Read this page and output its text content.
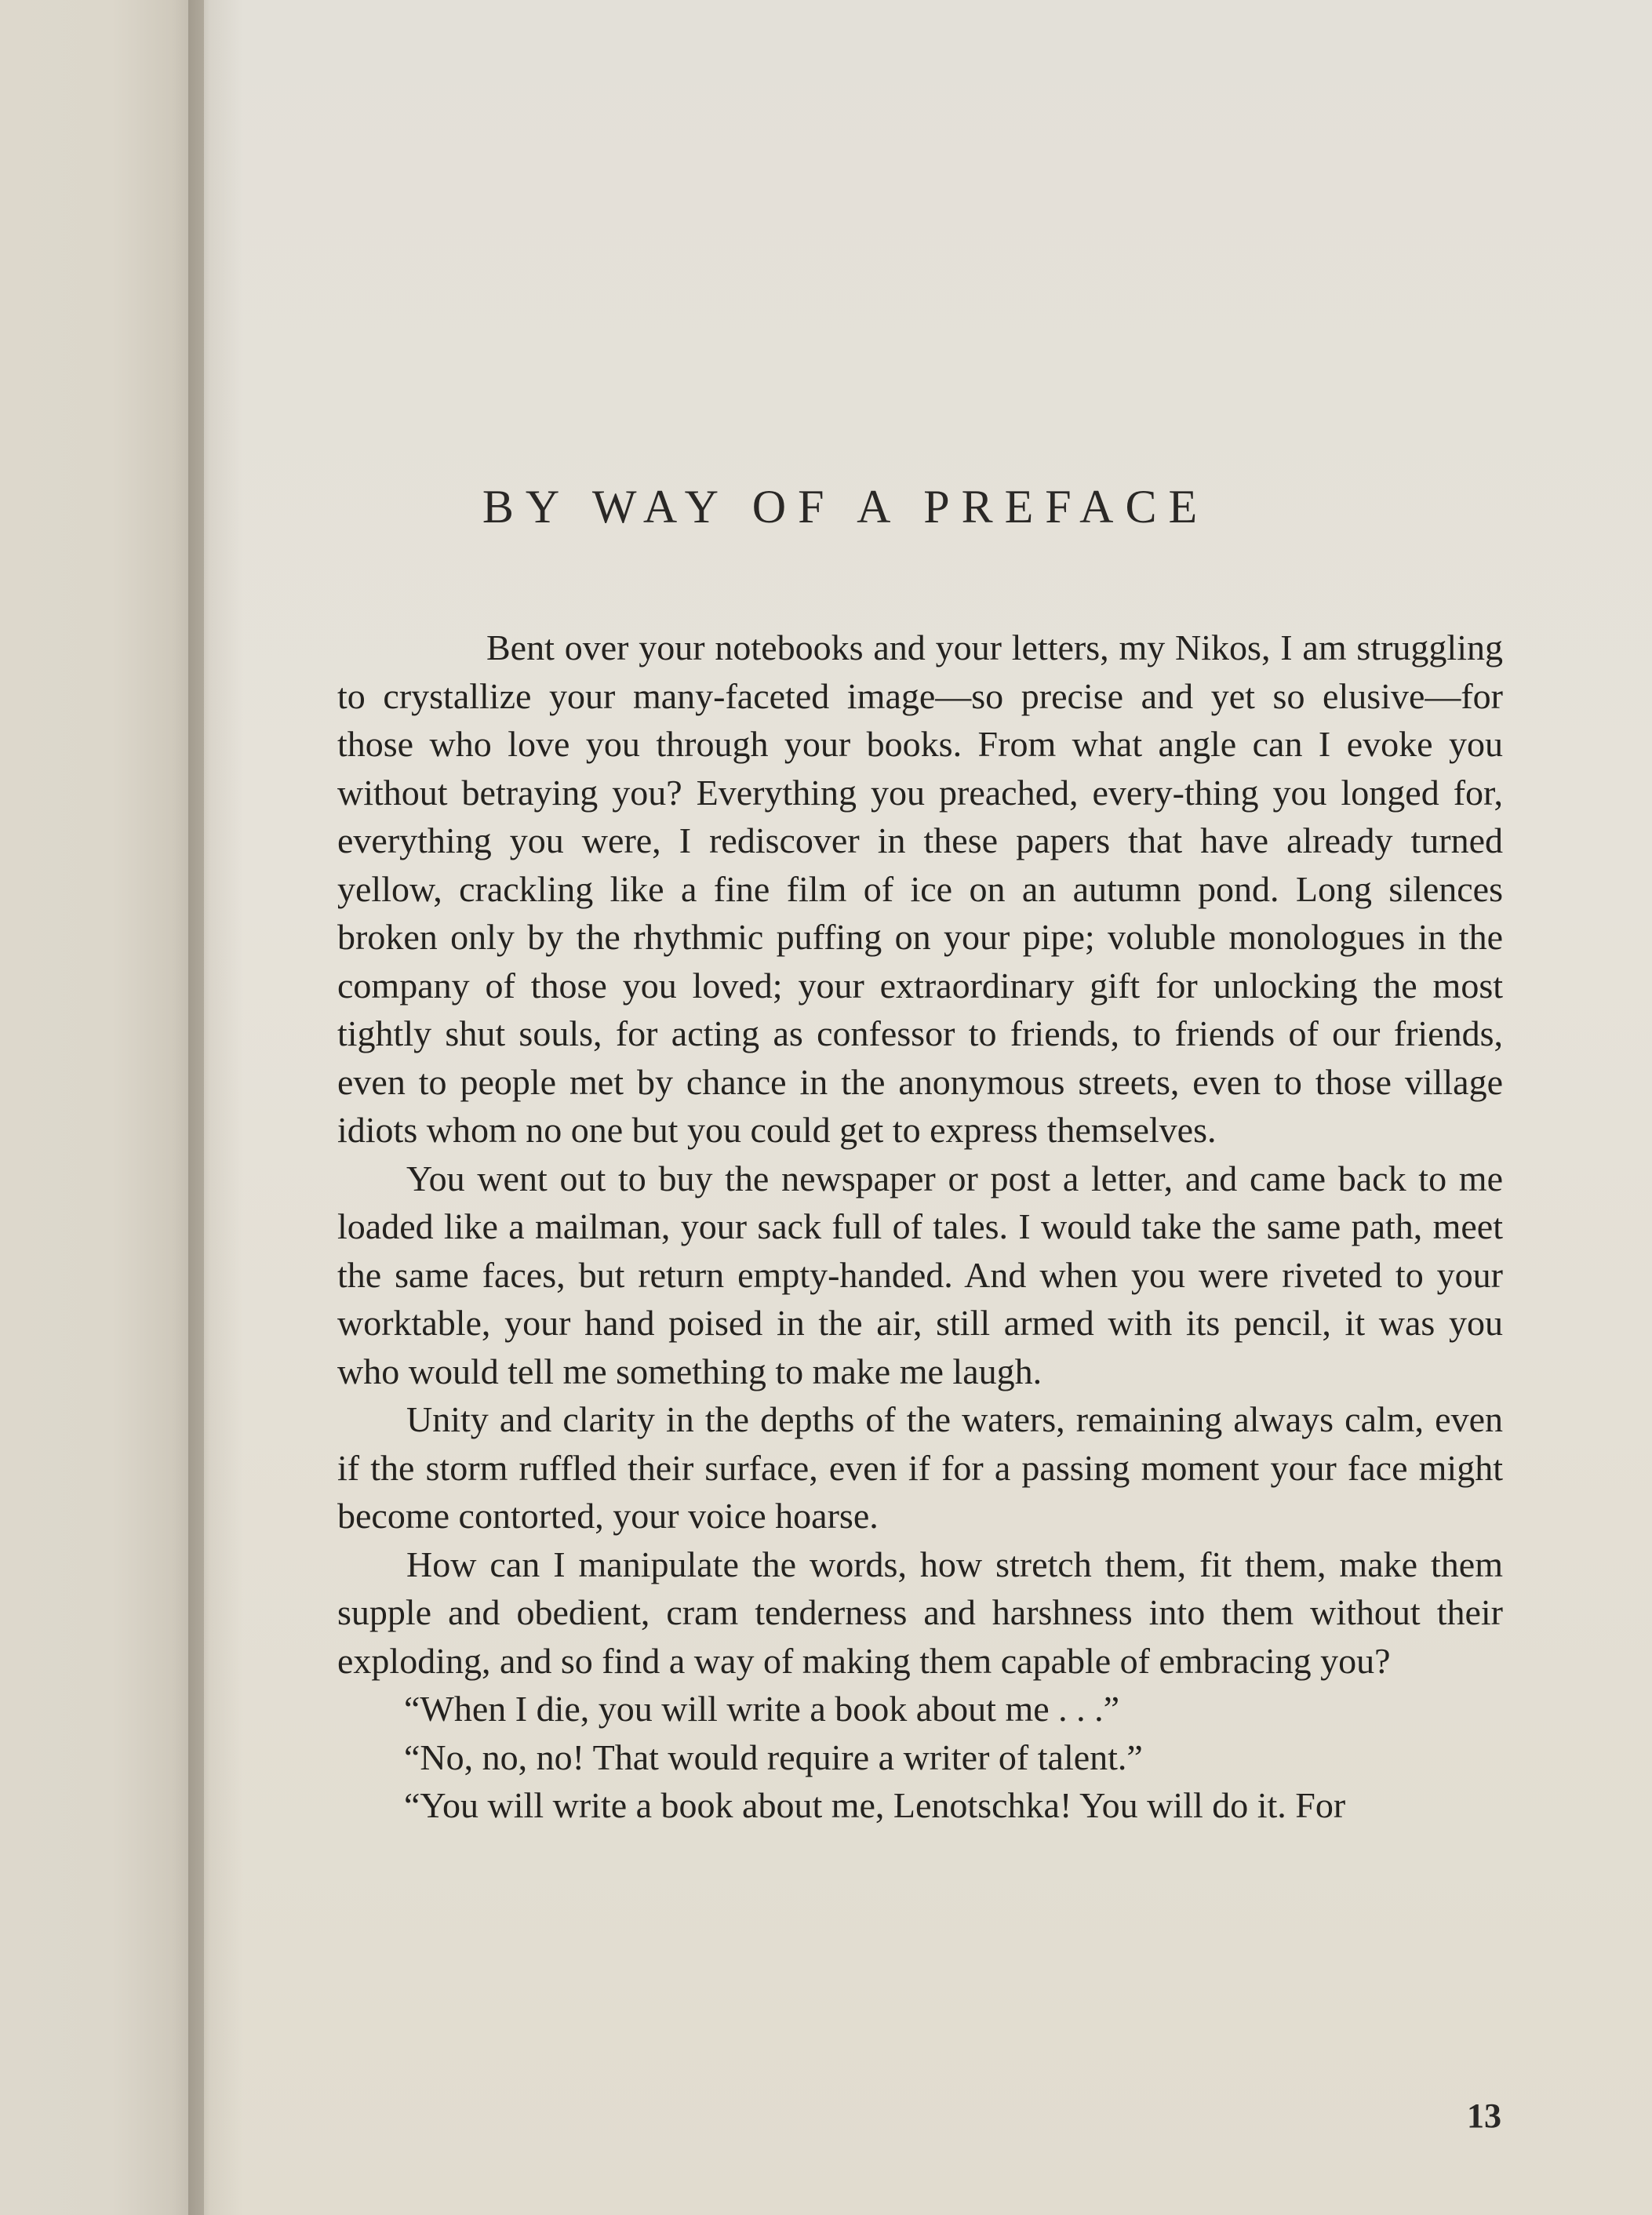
BY WAY OF A PREFACE

Bent over your notebooks and your letters, my Nikos, I am struggling to crystallize your many-faceted image—so precise and yet so elusive—for those who love you through your books. From what angle can I evoke you without betraying you? Everything you preached, every-thing you longed for, everything you were, I rediscover in these papers that have already turned yellow, crackling like a fine film of ice on an autumn pond. Long silences broken only by the rhythmic puffing on your pipe; voluble monologues in the company of those you loved; your extraordinary gift for unlocking the most tightly shut souls, for acting as confessor to friends, to friends of our friends, even to people met by chance in the anonymous streets, even to those village idiots whom no one but you could get to express themselves.

You went out to buy the newspaper or post a letter, and came back to me loaded like a mailman, your sack full of tales. I would take the same path, meet the same faces, but return empty-handed. And when you were riveted to your worktable, your hand poised in the air, still armed with its pencil, it was you who would tell me something to make me laugh.

Unity and clarity in the depths of the waters, remaining always calm, even if the storm ruffled their surface, even if for a passing moment your face might become contorted, your voice hoarse.

How can I manipulate the words, how stretch them, fit them, make them supple and obedient, cram tenderness and harshness into them without their exploding, and so find a way of making them capable of embracing you?

“When I die, you will write a book about me . . .”

“No, no, no! That would require a writer of talent.”

“You will write a book about me, Lenotschka! You will do it. For

13
